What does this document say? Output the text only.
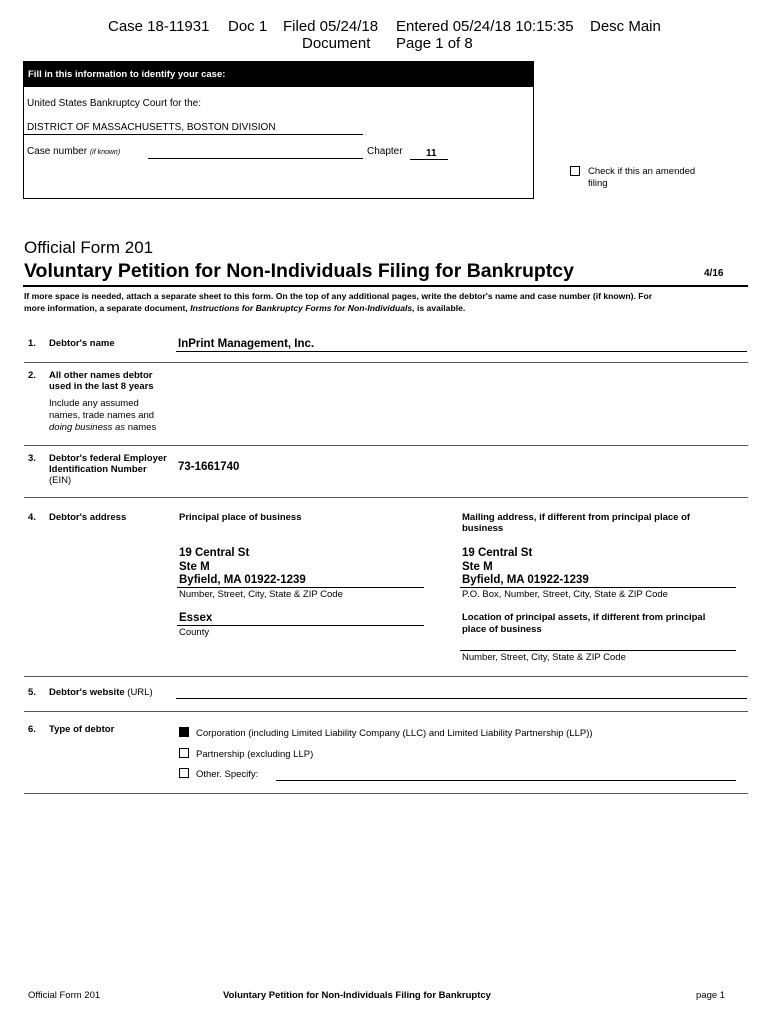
Case 18-11931 Doc 1 Filed 05/24/18 Entered 05/24/18 10:15:35 Desc Main
Document Page 1 of 8
Fill in this information to identify your case:
United States Bankruptcy Court for the:
DISTRICT OF MASSACHUSETTS, BOSTON DIVISION
Case number (if known)	Chapter 11
Check if this an amended
filing
Official Form 201
Voluntary Petition for Non-Individuals Filing for Bankruptcy	4/16
If more space is needed, attach a separate sheet to this form. On the top of any additional pages, write the debtor's name and case number (if known). For
more information, a separate document, Instructions for Bankruptcy Forms for Non-Individuals, is available.
1. Debtor's name	InPrint Management, Inc.
2. All other names debtor
used in the last 8 years
Include any assumed
names, trade names and
doing business as names
3. Debtor's federal Employer
Identification Number
(EIN)
73-1661740
4. Debtor's address	Principal place of business	Mailing address, if different from principal place of
business
19 Central St
Ste M
Byfield, MA 01922-1239
Number, Street, City, State & ZIP Code
19 Central St
Ste M
Byfield, MA 01922-1239
P.O. Box, Number, Street, City, State & ZIP Code
Essex
County
Location of principal assets, if different from principal
place of business
Number, Street, City, State & ZIP Code
5. Debtor's website (URL)
6. Type of debtor	Corporation (including Limited Liability Company (LLC) and Limited Liability Partnership (LLP))
Partnership (excluding LLP)
Other. Specify:
Official Form 201	Voluntary Petition for Non-Individuals Filing for Bankruptcy	page 1
